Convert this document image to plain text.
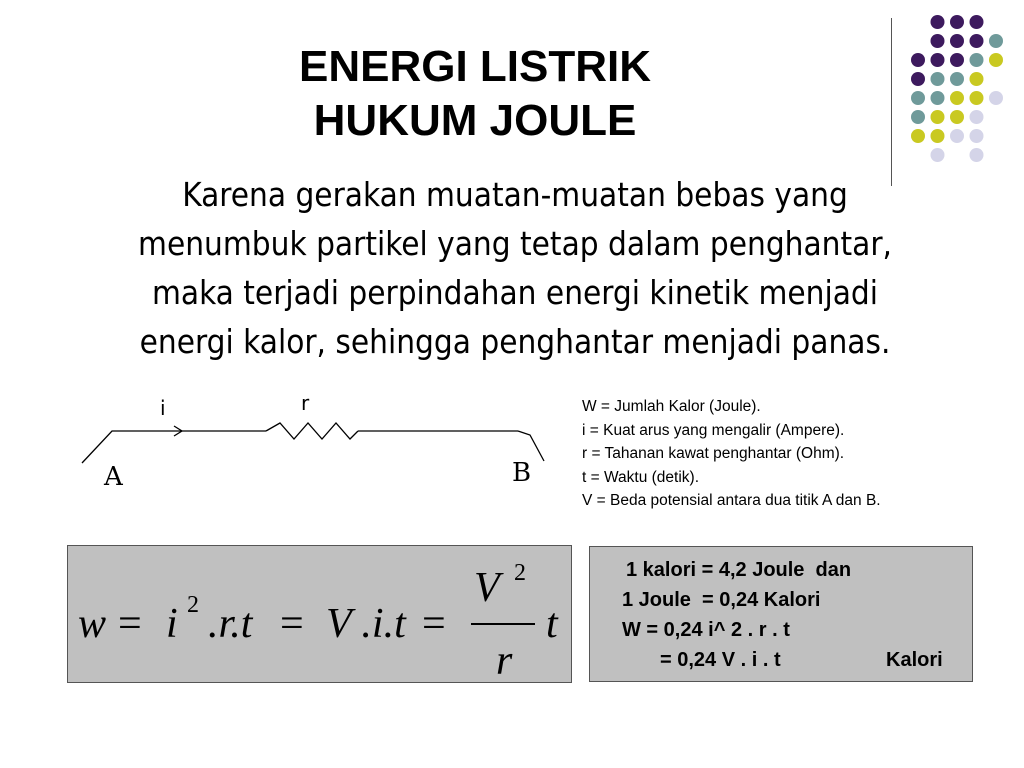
ENERGI LISTRIK
HUKUM JOULE
Karena gerakan muatan-muatan bebas yang
menumbuk partikel yang tetap dalam penghantar,
maka terjadi perpindahan energi kinetik menjadi
energi kalor, sehingga penghantar menjadi panas.
i	r
A	B
W = Jumlah Kalor (Joule).
i = Kuat arus yang mengalir (Ampere).
r = Tahanan kawat penghantar (Ohm).
t = Waktu (detik).
V = Beda potensial antara dua titik A dan B.
w = i 2 .r.t = V .i.t =
V 2
r
t
1 kalori = 4,2 Joule  dan
1 Joule  = 0,24 Kalori
W = 0,24 i^ 2 . r . t
= 0,24 V . i . t	Kalori
